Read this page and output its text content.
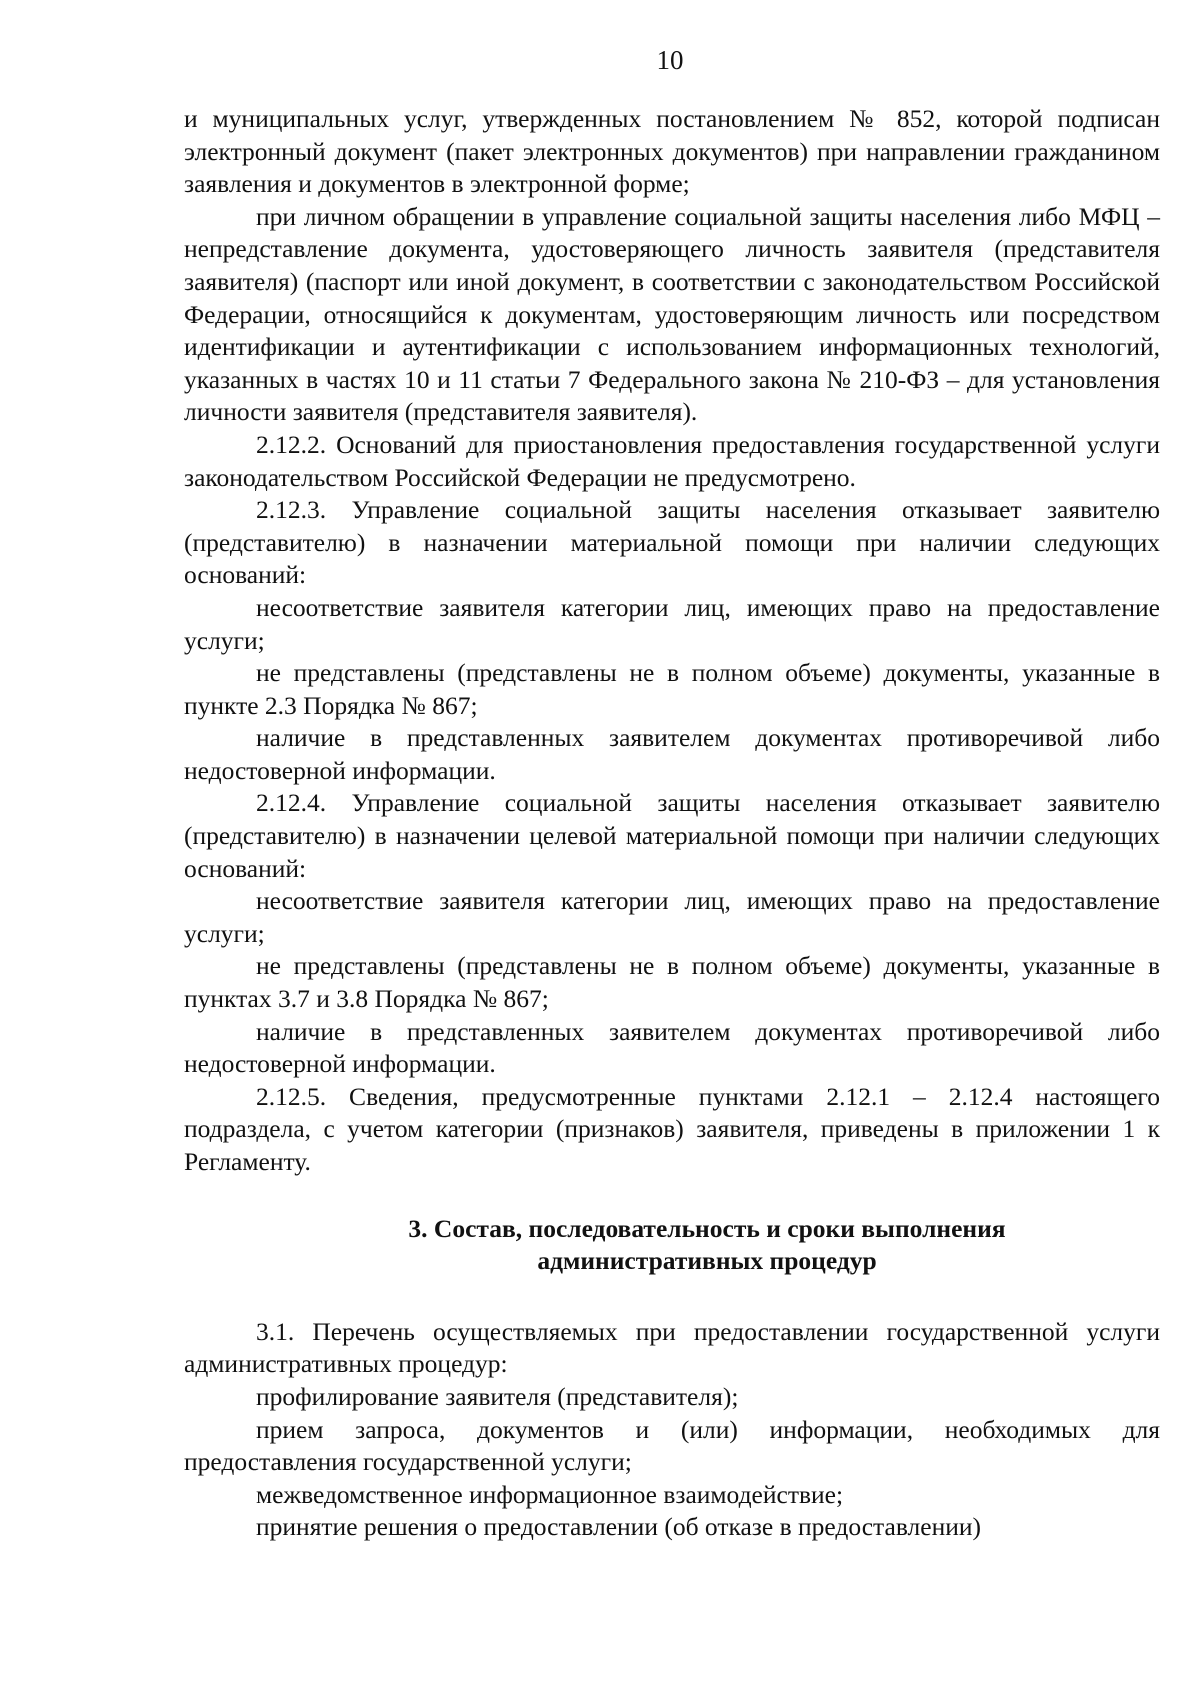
10

и муниципальных услуг, утвержденных постановлением № 852, которой подписан электронный документ (пакет электронных документов) при направлении гражданином заявления и документов в электронной форме;

при личном обращении в управление социальной защиты населения либо МФЦ – непредставление документа, удостоверяющего личность заявителя (представителя заявителя) (паспорт или иной документ, в соответствии с законодательством Российской Федерации, относящийся к документам, удостоверяющим личность или посредством идентификации и аутентификации с использованием информационных технологий, указанных в частях 10 и 11 статьи 7 Федерального закона № 210-ФЗ – для установления личности заявителя (представителя заявителя).

2.12.2. Оснований для приостановления предоставления государственной услуги законодательством Российской Федерации не предусмотрено.

2.12.3. Управление социальной защиты населения отказывает заявителю (представителю) в назначении материальной помощи при наличии следующих оснований:

несоответствие заявителя категории лиц, имеющих право на предоставление услуги;

не представлены (представлены не в полном объеме) документы, указанные в пункте 2.3 Порядка № 867;

наличие в представленных заявителем документах противоречивой либо недостоверной информации.

2.12.4. Управление социальной защиты населения отказывает заявителю (представителю) в назначении целевой материальной помощи при наличии следующих оснований:

несоответствие заявителя категории лиц, имеющих право на предоставление услуги;

не представлены (представлены не в полном объеме) документы, указанные в пунктах 3.7 и 3.8 Порядка № 867;

наличие в представленных заявителем документах противоречивой либо недостоверной информации.

2.12.5. Сведения, предусмотренные пунктами 2.12.1 – 2.12.4 настоящего подраздела, с учетом категории (признаков) заявителя, приведены в приложении 1 к Регламенту.

3. Состав, последовательность и сроки выполнения
административных процедур

3.1. Перечень осуществляемых при предоставлении государственной услуги административных процедур:

профилирование заявителя (представителя);

прием запроса, документов и (или) информации, необходимых для предоставления государственной услуги;

межведомственное информационное взаимодействие;

принятие решения о предоставлении (об отказе в предоставлении)
